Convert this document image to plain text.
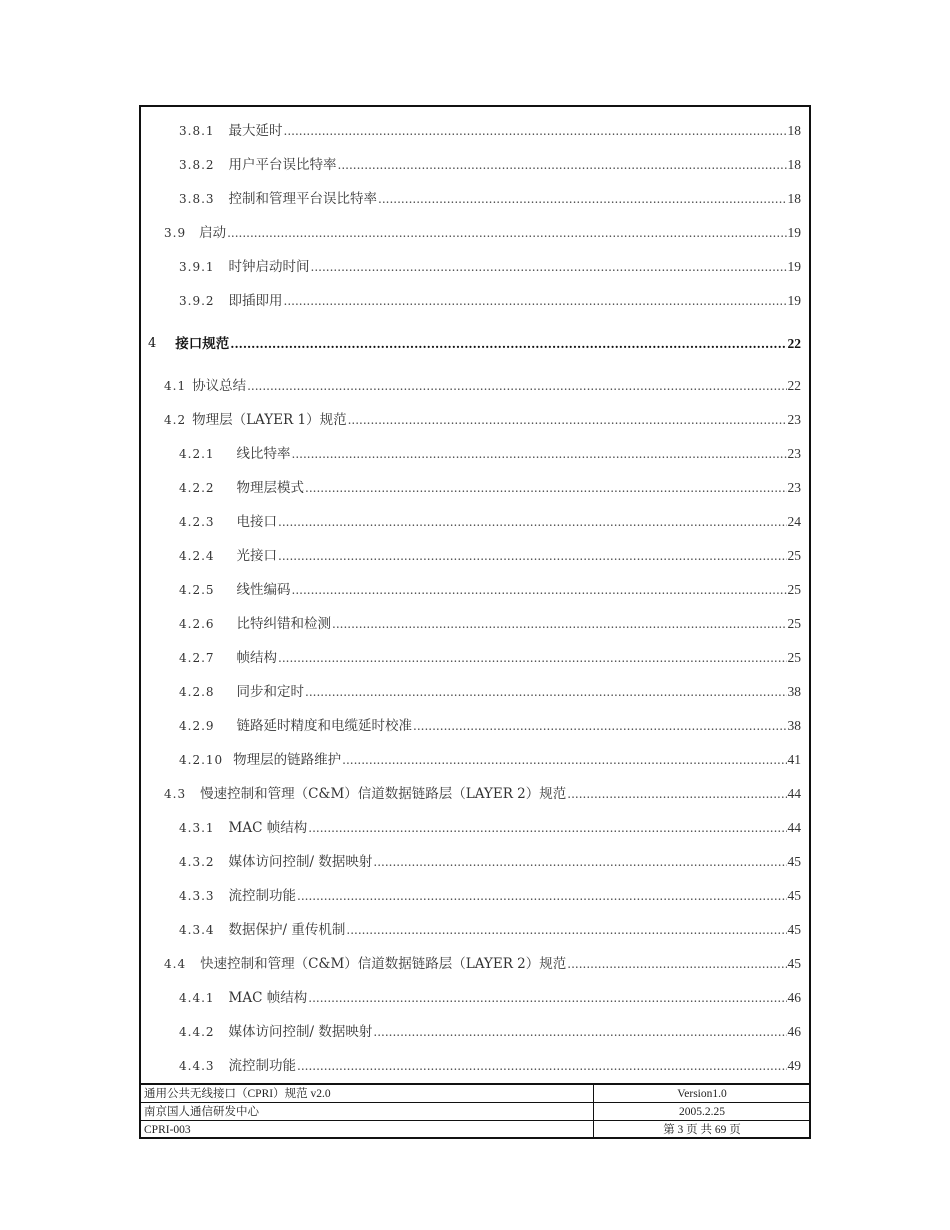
3.8.1 最大延时 .....	18
3.8.2 用户平台误比特率 .....	18
3.8.3 控制和管理平台误比特率 .....	18
3.9 启动 .....	19
3.9.1 时钟启动时间 .....	19
3.9.2 即插即用 .....	19
4 接口规范 .....	22
4.1 协议总结 .....	22
4.2 物理层（LAYER 1）规范 .....	23
4.2.1 线比特率 .....	23
4.2.2 物理层模式 .....	23
4.2.3 电接口 .....	24
4.2.4 光接口 .....	25
4.2.5 线性编码 .....	25
4.2.6 比特纠错和检测 .....	25
4.2.7 帧结构 .....	25
4.2.8 同步和定时 .....	38
4.2.9 链路延时精度和电缆延时校准 .....	38
4.2.10 物理层的链路维护 .....	41
4.3 慢速控制和管理（C&M）信道数据链路层（LAYER 2）规范 .....	44
4.3.1 MAC 帧结构 .....	44
4.3.2 媒体访问控制/ 数据映射 .....	45
4.3.3 流控制功能 .....	45
4.3.4 数据保护/ 重传机制 .....	45
4.4 快速控制和管理（C&M）信道数据链路层（LAYER 2）规范 .....	45
4.4.1 MAC 帧结构 .....	46
4.4.2 媒体访问控制/ 数据映射 .....	46
4.4.3 流控制功能 .....	49
通用公共无线接口（CPRI）规范 v2.0	Version1.0
南京国人通信研发中心	2005.2.25
CPRI-003	第 3 页 共 69 页
